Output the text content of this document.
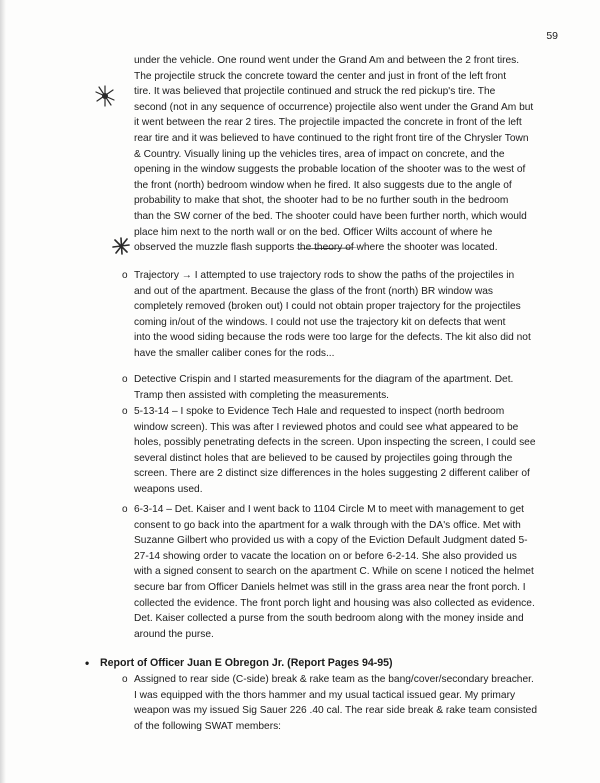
59

under the vehicle. One round went under the Grand Am and between the 2 front tires.

The projectile struck the concrete toward the center and just in front of the left front

tire. It was believed that projectile continued and struck the red pickup's tire. The

second (not in any sequence of occurrence) projectile also went under the Grand Am but

it went between the rear 2 tires. The projectile impacted the concrete in front of the left

rear tire and it was believed to have continued to the right front tire of the Chrysler Town

& Country. Visually lining up the vehicles tires, area of impact on concrete, and the

opening in the window suggests the probable location of the shooter was to the west of

the front (north) bedroom window when he fired. It also suggests due to the angle of

probability to make that shot, the shooter had to be no further south in the bedroom

than the SW corner of the bed. The shooter could have been further north, which would

place him next to the north wall or on the bed. Officer Wilts account of where he

observed the muzzle flash supports the theory of where the shooter was located.

o Trajectory → I attempted to use trajectory rods to show the paths of the projectiles in

and out of the apartment. Because the glass of the front (north) BR window was

completely removed (broken out) I could not obtain proper trajectory for the projectiles

coming in/out of the windows. I could not use the trajectory kit on defects that went

into the wood siding because the rods were too large for the defects. The kit also did not

have the smaller caliber cones for the rods...

o Detective Crispin and I started measurements for the diagram of the apartment. Det.

Tramp then assisted with completing the measurements.

o 5-13-14 – I spoke to Evidence Tech Hale and requested to inspect (north bedroom

window screen). This was after I reviewed photos and could see what appeared to be

holes, possibly penetrating defects in the screen. Upon inspecting the screen, I could see

several distinct holes that are believed to be caused by projectiles going through the

screen. There are 2 distinct size differences in the holes suggesting 2 different caliber of

weapons used.

o 6-3-14 – Det. Kaiser and I went back to 1104 Circle M to meet with management to get

consent to go back into the apartment for a walk through with the DA's office. Met with

Suzanne Gilbert who provided us with a copy of the Eviction Default Judgment dated 5-

27-14 showing order to vacate the location on or before 6-2-14. She also provided us

with a signed consent to search on the apartment C. While on scene I noticed the helmet

secure bar from Officer Daniels helmet was still in the grass area near the front porch. I

collected the evidence. The front porch light and housing was also collected as evidence.

Det. Kaiser collected a purse from the south bedroom along with the money inside and

around the purse.

• Report of Officer Juan E Obregon Jr. (Report Pages 94-95)
o Assigned to rear side (C-side) break & rake team as the bang/cover/secondary breacher.

I was equipped with the thors hammer and my usual tactical issued gear. My primary

weapon was my issued Sig Sauer 226 .40 cal. The rear side break & rake team consisted

of the following SWAT members:
